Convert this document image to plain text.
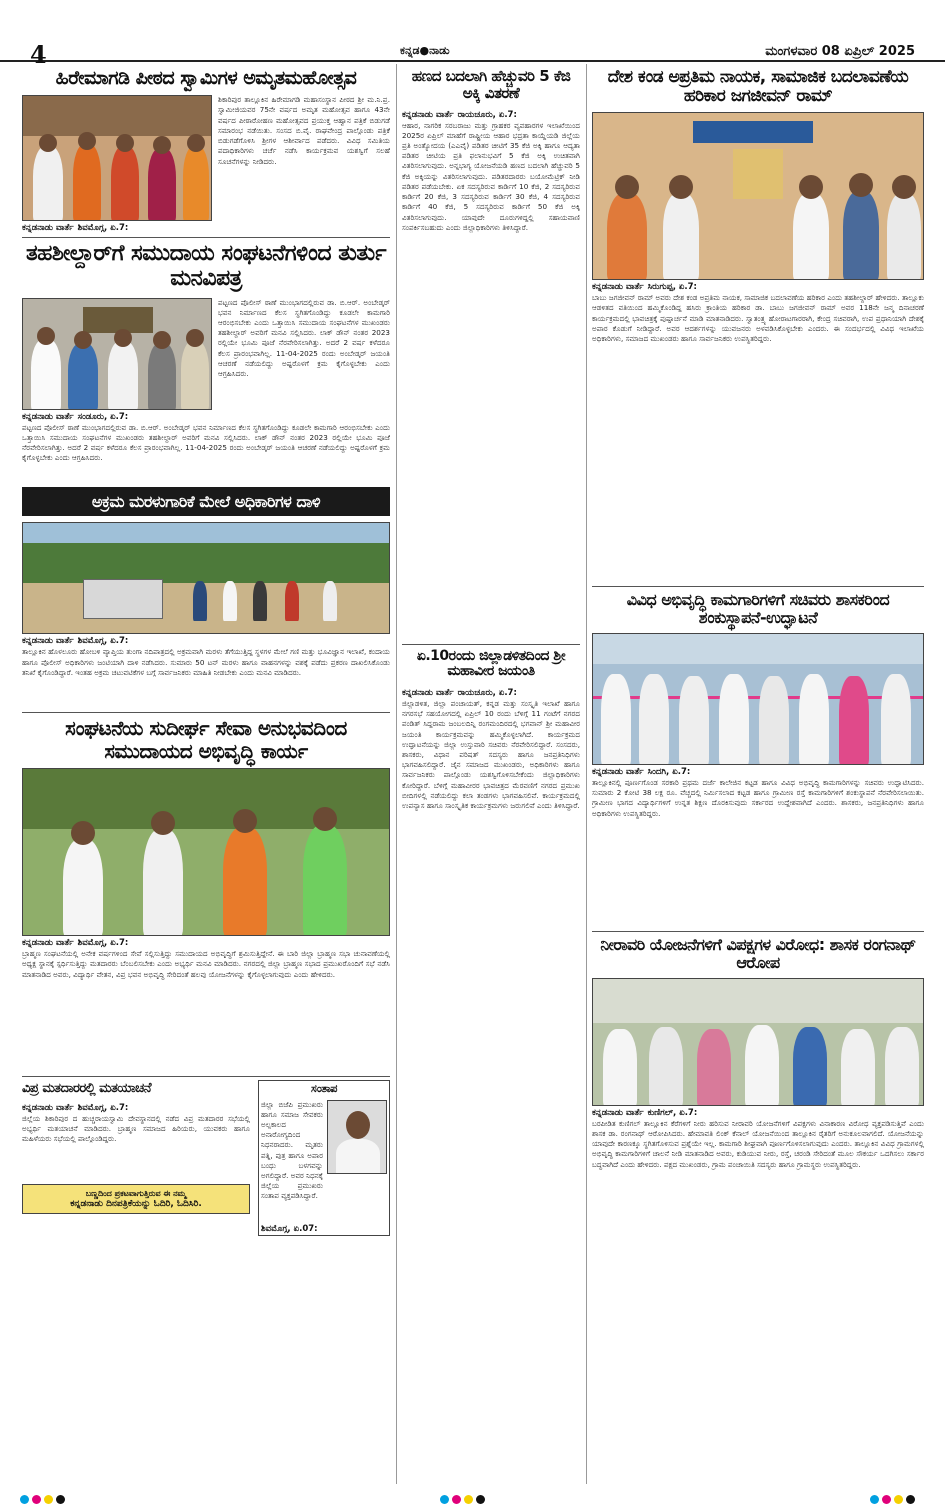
4	ಕನ್ನಡ●ನಾಡು	ಮಂಗಳವಾರ 08 ಏಪ್ರಿಲ್ 2025
ಹಿರೇಮಾಗಡಿ ಪೀಠದ ಸ್ವಾಮಿಗಳ ಅಮೃತಮಹೋತ್ಸವ
ಶಿಕಾರಿಪುರ ತಾಲ್ಲೂಕಿನ ಹಿರೇಮಾಗಡಿ ಮಹಾಸಂಸ್ಥಾನ ಪೀಠದ ಶ್ರೀ ಮ.ನಿ.ಪ್ರ. ಸ್ವಾಮೀಜಿಯವರ 75ನೇ ವರ್ಷದ ಅಮೃತ ಮಹೋತ್ಸವ ಹಾಗೂ 43ನೇ ವರ್ಷದ ಪೀಠಾರೋಹಣ ಮಹೋತ್ಸವದ ಪ್ರಯುಕ್ತ ಆಹ್ವಾನ ಪತ್ರಿಕೆ ಬಿಡುಗಡೆ ಸಮಾರಂಭ ನಡೆಯಿತು. ಸಂಸದ ಬಿ.ವೈ. ರಾಘವೇಂದ್ರ ಪಾಲ್ಗೊಂಡು ಪತ್ರಿಕೆ ಬಿಡುಗಡೆಗೊಳಿಸಿ ಶ್ರೀಗಳ ಆಶೀರ್ವಾದ ಪಡೆದರು. ವಿವಿಧ ಸಮಿತಿಯ ಪದಾಧಿಕಾರಿಗಳು ಚರ್ಚೆ ನಡೆಸಿ ಕಾರ್ಯಕ್ರಮವ ಯಶಸ್ವಿಗೆ ಸಲಹೆ ಸೂಚನೆಗಳನ್ನು ನೀಡಿದರು.
ಕನ್ನಡನಾಡು ವಾರ್ತೆ ಶಿವಮೊಗ್ಗ, ಏ.7:
ತಹಶೀಲ್ದಾರ್‌ಗೆ ಸಮುದಾಯ ಸಂಘಟನೆಗಳಿಂದ ತುರ್ತು ಮನವಿಪತ್ರ
ಪಟ್ಟಣದ ಪೊಲೀಸ್ ಠಾಣೆ ಮುಂಭಾಗದಲ್ಲಿರುವ ಡಾ. ಬಿ.ಆರ್. ಅಂಬೇಡ್ಕರ್ ಭವನ ನಿರ್ಮಾಣದ ಕೆಲಸ ಸ್ಥಗಿತಗೊಂಡಿದ್ದು ಕೂಡಲೇ ಕಾಮಗಾರಿ ಆರಂಭಿಸಬೇಕು ಎಂದು ಒತ್ತಾಯಿಸಿ ಸಮುದಾಯ ಸಂಘಟನೆಗಳ ಮುಖಂಡರು ತಹಶೀಲ್ದಾರ್ ಅವರಿಗೆ ಮನವಿ ಸಲ್ಲಿಸಿದರು. ಲಾಕ್ ಡೌನ್ ನಂತರ 2023 ರಲ್ಲಿಯೇ ಭೂಮಿ ಪೂಜೆ ನೆರವೇರಿಸಲಾಗಿತ್ತು. ಅದರೆ 2 ವರ್ಷ ಕಳೆದರೂ ಕೆಲಸ ಪ್ರಾರಂಭವಾಗಿಲ್ಲ. 11-04-2025 ರಂದು ಅಂಬೇಡ್ಕರ್ ಜಯಂತಿ ಆಚರಣೆ ನಡೆಯಲಿದ್ದು ಅಷ್ಟರೊಳಗೆ ಕ್ರಮ ಕೈಗೊಳ್ಳಬೇಕು ಎಂದು ಆಗ್ರಹಿಸಿದರು.
ಕನ್ನಡನಾಡು ವಾರ್ತೆ ಸಂಡೂರು, ಏ.7:
ಪಟ್ಟಣದ ಪೊಲೀಸ್ ಠಾಣೆ ಮುಂಭಾಗದಲ್ಲಿರುವ ಡಾ. ಬಿ.ಆರ್. ಅಂಬೇಡ್ಕರ್ ಭವನ ನಿರ್ಮಾಣದ ಕೆಲಸ ಸ್ಥಗಿತಗೊಂಡಿದ್ದು ಕೂಡಲೇ ಕಾಮಗಾರಿ ಆರಂಭಿಸಬೇಕು ಎಂದು ಒತ್ತಾಯಿಸಿ ಸಮುದಾಯ ಸಂಘಟನೆಗಳ ಮುಖಂಡರು ತಹಶೀಲ್ದಾರ್ ಅವರಿಗೆ ಮನವಿ ಸಲ್ಲಿಸಿದರು. ಲಾಕ್ ಡೌನ್ ನಂತರ 2023 ರಲ್ಲಿಯೇ ಭೂಮಿ ಪೂಜೆ ನೆರವೇರಿಸಲಾಗಿತ್ತು. ಅದರೆ 2 ವರ್ಷ ಕಳೆದರೂ ಕೆಲಸ ಪ್ರಾರಂಭವಾಗಿಲ್ಲ. 11-04-2025 ರಂದು ಅಂಬೇಡ್ಕರ್ ಜಯಂತಿ ಆಚರಣೆ ನಡೆಯಲಿದ್ದು ಅಷ್ಟರೊಳಗೆ ಕ್ರಮ ಕೈಗೊಳ್ಳಬೇಕು ಎಂದು ಆಗ್ರಹಿಸಿದರು.
ಅಕ್ರಮ ಮರಳುಗಾರಿಕೆ ಮೇಲೆ ಅಧಿಕಾರಿಗಳ ದಾಳಿ
ಕನ್ನಡನಾಡು ವಾರ್ತೆ ಶಿವಮೊಗ್ಗ, ಏ.7:
ತಾಲ್ಲೂಕಿನ ಹೊಳಲೂರು ಹೋಬಳಿ ವ್ಯಾಪ್ತಿಯ ತುಂಗಾ ನದಿಪಾತ್ರದಲ್ಲಿ ಅಕ್ರಮವಾಗಿ ಮರಳು ತೆಗೆಯುತ್ತಿದ್ದ ಸ್ಥಳಗಳ ಮೇಲೆ ಗಣಿ ಮತ್ತು ಭೂವಿಜ್ಞಾನ ಇಲಾಖೆ, ಕಂದಾಯ ಹಾಗೂ ಪೊಲೀಸ್ ಅಧಿಕಾರಿಗಳು ಜಂಟಿಯಾಗಿ ದಾಳಿ ನಡೆಸಿದರು. ಸುಮಾರು 50 ಟನ್ ಮರಳು ಹಾಗೂ ವಾಹನಗಳನ್ನು ವಶಕ್ಕೆ ಪಡೆದು ಪ್ರಕರಣ ದಾಖಲಿಸಿಕೊಂಡು ತನಿಖೆ ಕೈಗೊಂಡಿದ್ದಾರೆ. ಇಂತಹ ಅಕ್ರಮ ಚಟುವಟಿಕೆಗಳ ಬಗ್ಗೆ ಸಾರ್ವಜನಿಕರು ಮಾಹಿತಿ ನೀಡಬೇಕು ಎಂದು ಮನವಿ ಮಾಡಿದರು.
ಸಂಘಟನೆಯ ಸುದೀರ್ಘ ಸೇವಾ ಅನುಭವದಿಂದ ಸಮುದಾಯದ ಅಭಿವೃದ್ಧಿ ಕಾರ್ಯ
ಕನ್ನಡನಾಡು ವಾರ್ತೆ ಶಿವಮೊಗ್ಗ, ಏ.7:
ಬ್ರಾಹ್ಮಣ ಸಂಘಟನೆಯಲ್ಲಿ ಅನೇಕ ವರ್ಷಗಳಿಂದ ಸೇವೆ ಸಲ್ಲಿಸುತ್ತಿದ್ದು ಸಮುದಾಯದ ಅಭಿವೃದ್ಧಿಗೆ ಶ್ರಮಿಸುತ್ತಿದ್ದೇನೆ. ಈ ಬಾರಿ ಜಿಲ್ಲಾ ಬ್ರಾಹ್ಮಣ ಸಭಾ ಚುನಾವಣೆಯಲ್ಲಿ ಅಧ್ಯಕ್ಷ ಸ್ಥಾನಕ್ಕೆ ಸ್ಪರ್ಧಿಸುತ್ತಿದ್ದು ಮತದಾರರು ಬೆಂಬಲಿಸಬೇಕು ಎಂದು ಅಭ್ಯರ್ಥಿ ಮನವಿ ಮಾಡಿದರು. ನಗರದಲ್ಲಿ ಜಿಲ್ಲಾ ಬ್ರಾಹ್ಮಣ ಸಭಾದ ಪ್ರಮುಖರೊಂದಿಗೆ ಸಭೆ ನಡೆಸಿ ಮಾತನಾಡಿದ ಅವರು, ವಿದ್ಯಾರ್ಥಿ ವೇತನ, ವಿಪ್ರ ಭವನ ಅಭಿವೃದ್ಧಿ ಸೇರಿದಂತೆ ಹಲವು ಯೋಜನೆಗಳನ್ನು ಕೈಗೊಳ್ಳಲಾಗುವುದು ಎಂದು ಹೇಳಿದರು.
ವಿಪ್ರ ಮತದಾರರಲ್ಲಿ ಮತಯಾಚನೆ
ಕನ್ನಡನಾಡು ವಾರ್ತೆ ಶಿವಮೊಗ್ಗ, ಏ.7:
ಜಿಲ್ಲೆಯ ಶಿಕಾರಿಪುರ ದ ಹುಚ್ಚರಾಯಸ್ವಾಮಿ ದೇವಸ್ಥಾನದಲ್ಲಿ ನಡೆದ ವಿಪ್ರ ಮತದಾರರ ಸಭೆಯಲ್ಲಿ ಅಭ್ಯರ್ಥಿ ಮತಯಾಚನೆ ಮಾಡಿದರು. ಬ್ರಾಹ್ಮಣ ಸಮಾಜದ ಹಿರಿಯರು, ಯುವಕರು ಹಾಗೂ ಮಹಿಳೆಯರು ಸಭೆಯಲ್ಲಿ ಪಾಲ್ಗೊಂಡಿದ್ದರು.
ಬಣ್ಣದಿಂದ ಪ್ರಕಟವಾಗುತ್ತಿರುವ ಈ ನಮ್ಮ
ಕನ್ನಡನಾಡು ದಿನಪತ್ರಿಕೆಯನ್ನು ಓದಿರಿ, ಓದಿಸಿರಿ.
ಸಂತಾಪ
ಜಿಲ್ಲಾ ಬಿಜೆಪಿ ಪ್ರಮುಖರು ಹಾಗೂ ಸಮಾಜ ಸೇವಕರು ಅಲ್ಪಕಾಲದ ಅನಾರೋಗ್ಯದಿಂದ ನಿಧನರಾದರು. ಮೃತರು ಪತ್ನಿ, ಪುತ್ರ ಹಾಗೂ ಅಪಾರ ಬಂಧು ಬಳಗವನ್ನು ಅಗಲಿದ್ದಾರೆ. ಅವರ ನಿಧನಕ್ಕೆ ಜಿಲ್ಲೆಯ ಪ್ರಮುಖರು ಸಂತಾಪ ವ್ಯಕ್ತಪಡಿಸಿದ್ದಾರೆ.
ಶಿವಮೊಗ್ಗ, ಏ.07:
ಹಣದ ಬದಲಾಗಿ ಹೆಚ್ಚುವರಿ 5 ಕೆಜಿ ಅಕ್ಕಿ ವಿತರಣೆ
ಕನ್ನಡನಾಡು ವಾರ್ತೆ ರಾಯಚೂರು, ಏ.7:
ಆಹಾರ, ನಾಗರಿಕ ಸರಬರಾಜು ಮತ್ತು ಗ್ರಾಹಕರ ವ್ಯವಹಾರಗಳ ಇಲಾಖೆಯಿಂದ 2025ರ ಏಪ್ರಿಲ್ ಮಾಹೆಗೆ ರಾಷ್ಟ್ರೀಯ ಆಹಾರ ಭದ್ರತಾ ಕಾಯ್ದೆಯಡಿ ಜಿಲ್ಲೆಯ ಪ್ರತಿ ಅಂತ್ಯೋದಯ (ಎಎವೈ) ಪಡಿತರ ಚೀಟಿಗೆ 35 ಕೆಜಿ ಅಕ್ಕಿ ಹಾಗೂ ಆದ್ಯತಾ ಪಡಿತರ ಚೀಟಿಯ ಪ್ರತಿ ಫಲಾನುಭವಿಗೆ 5 ಕೆಜಿ ಅಕ್ಕಿ ಉಚಿತವಾಗಿ ವಿತರಿಸಲಾಗುವುದು. ಅನ್ನಭಾಗ್ಯ ಯೋಜನೆಯಡಿ ಹಣದ ಬದಲಾಗಿ ಹೆಚ್ಚುವರಿ 5 ಕೆಜಿ ಅಕ್ಕಿಯನ್ನು ವಿತರಿಸಲಾಗುವುದು. ಪಡಿತರದಾರರು ಬಯೋಮೆಟ್ರಿಕ್ ನೀಡಿ ಪಡಿತರ ಪಡೆಯಬೇಕು. ಏಕ ಸದಸ್ಯರಿರುವ ಕಾರ್ಡಿಗೆ 10 ಕೆಜಿ, 2 ಸದಸ್ಯರಿರುವ ಕಾರ್ಡಿಗೆ 20 ಕೆಜಿ, 3 ಸದಸ್ಯರಿರುವ ಕಾರ್ಡಿಗೆ 30 ಕೆಜಿ, 4 ಸದಸ್ಯರಿರುವ ಕಾರ್ಡಿಗೆ 40 ಕೆಜಿ, 5 ಸದಸ್ಯರಿರುವ ಕಾರ್ಡಿಗೆ 50 ಕೆಜಿ ಅಕ್ಕಿ ವಿತರಿಸಲಾಗುವುದು. ಯಾವುದೇ ದೂರುಗಳಿದ್ದಲ್ಲಿ ಸಹಾಯವಾಣಿ ಸಂಪರ್ಕಿಸಬಹುದು ಎಂದು ಜಿಲ್ಲಾಧಿಕಾರಿಗಳು ತಿಳಿಸಿದ್ದಾರೆ.
ಏ.10ರಂದು ಜಿಲ್ಲಾಡಳಿತದಿಂದ ಶ್ರೀ ಮಹಾವೀರ ಜಯಂತಿ
ಕನ್ನಡನಾಡು ವಾರ್ತೆ ರಾಯಚೂರು, ಏ.7:
ಜಿಲ್ಲಾಡಳಿತ, ಜಿಲ್ಲಾ ಪಂಚಾಯತ್, ಕನ್ನಡ ಮತ್ತು ಸಂಸ್ಕೃತಿ ಇಲಾಖೆ ಹಾಗೂ ನಗರಸಭೆ ಸಹಯೋಗದಲ್ಲಿ ಏಪ್ರಿಲ್ 10 ರಂದು ಬೆಳಿಗ್ಗೆ 11 ಗಂಟೆಗೆ ನಗರದ ಪಂಡಿತ್ ಸಿದ್ದರಾಮ ಜಂಬಲದಿನ್ನಿ ರಂಗಮಂದಿರದಲ್ಲಿ ಭಗವಾನ್ ಶ್ರೀ ಮಹಾವೀರ ಜಯಂತಿ ಕಾರ್ಯಕ್ರಮವನ್ನು ಹಮ್ಮಿಕೊಳ್ಳಲಾಗಿದೆ. ಕಾರ್ಯಕ್ರಮದ ಉದ್ಘಾಟನೆಯನ್ನು ಜಿಲ್ಲಾ ಉಸ್ತುವಾರಿ ಸಚಿವರು ನೆರವೇರಿಸಲಿದ್ದಾರೆ. ಸಂಸದರು, ಶಾಸಕರು, ವಿಧಾನ ಪರಿಷತ್ ಸದಸ್ಯರು ಹಾಗೂ ಜನಪ್ರತಿನಿಧಿಗಳು ಭಾಗವಹಿಸಲಿದ್ದಾರೆ. ಜೈನ ಸಮಾಜದ ಮುಖಂಡರು, ಅಧಿಕಾರಿಗಳು ಹಾಗೂ ಸಾರ್ವಜನಿಕರು ಪಾಲ್ಗೊಂಡು ಯಶಸ್ವಿಗೊಳಿಸಬೇಕೆಂದು ಜಿಲ್ಲಾಧಿಕಾರಿಗಳು ಕೋರಿದ್ದಾರೆ. ಬೆಳಿಗ್ಗೆ ಮಹಾವೀರರ ಭಾವಚಿತ್ರದ ಮೆರವಣಿಗೆ ನಗರದ ಪ್ರಮುಖ ಬೀದಿಗಳಲ್ಲಿ ನಡೆಯಲಿದ್ದು ಕಲಾ ತಂಡಗಳು ಭಾಗವಹಿಸಲಿವೆ. ಕಾರ್ಯಕ್ರಮದಲ್ಲಿ ಉಪನ್ಯಾಸ ಹಾಗೂ ಸಾಂಸ್ಕೃತಿಕ ಕಾರ್ಯಕ್ರಮಗಳು ಜರುಗಲಿವೆ ಎಂದು ತಿಳಿಸಿದ್ದಾರೆ.
ದೇಶ ಕಂಡ ಅಪ್ರತಿಮ ನಾಯಕ, ಸಾಮಾಜಿಕ ಬದಲಾವಣೆಯ ಹರಿಕಾರ ಜಗಜೀವನ್ ರಾಮ್
ಕನ್ನಡನಾಡು ವಾರ್ತೆ ಸಿರುಗುಪ್ಪ, ಏ.7:
ಬಾಬು ಜಗಜೀವನ್ ರಾಮ್ ಅವರು ದೇಶ ಕಂಡ ಅಪ್ರತಿಮ ನಾಯಕ, ಸಾಮಾಜಿಕ ಬದಲಾವಣೆಯ ಹರಿಕಾರ ಎಂದು ತಹಶೀಲ್ದಾರ್ ಹೇಳಿದರು. ತಾಲ್ಲೂಕು ಆಡಳಿತದ ವತಿಯಿಂದ ಹಮ್ಮಿಕೊಂಡಿದ್ದ ಹಸಿರು ಕ್ರಾಂತಿಯ ಹರಿಕಾರ ಡಾ. ಬಾಬು ಜಗಜೀವನ್ ರಾಮ್ ಅವರ 118ನೇ ಜನ್ಮ ದಿನಾಚರಣೆ ಕಾರ್ಯಕ್ರಮದಲ್ಲಿ ಭಾವಚಿತ್ರಕ್ಕೆ ಪುಷ್ಪಾರ್ಚನೆ ಮಾಡಿ ಮಾತನಾಡಿದರು. ಸ್ವಾತಂತ್ರ್ಯ ಹೋರಾಟಗಾರರಾಗಿ, ಕೇಂದ್ರ ಸಚಿವರಾಗಿ, ಉಪ ಪ್ರಧಾನಿಯಾಗಿ ದೇಶಕ್ಕೆ ಅಪಾರ ಕೊಡುಗೆ ನೀಡಿದ್ದಾರೆ. ಅವರ ಆದರ್ಶಗಳನ್ನು ಯುವಜನರು ಅಳವಡಿಸಿಕೊಳ್ಳಬೇಕು ಎಂದರು. ಈ ಸಂದರ್ಭದಲ್ಲಿ ವಿವಿಧ ಇಲಾಖೆಯ ಅಧಿಕಾರಿಗಳು, ಸಮಾಜದ ಮುಖಂಡರು ಹಾಗೂ ಸಾರ್ವಜನಿಕರು ಉಪಸ್ಥಿತರಿದ್ದರು.
ವಿವಿಧ ಅಭಿವೃದ್ಧಿ ಕಾಮಗಾರಿಗಳಿಗೆ ಸಚಿವರು ಶಾಸಕರಿಂದ ಶಂಕುಸ್ಥಾಪನೆ-ಉದ್ಘಾಟನೆ
ಕನ್ನಡನಾಡು ವಾರ್ತೆ ಸಿಂದಗಿ, ಏ.7:
ತಾಲ್ಲೂಕಿನಲ್ಲಿ ಪೂರ್ಣಗೊಂಡ ಸರಕಾರಿ ಪ್ರಥಮ ದರ್ಜೆ ಕಾಲೇಜಿನ ಕಟ್ಟಡ ಹಾಗೂ ವಿವಿಧ ಅಭಿವೃದ್ಧಿ ಕಾಮಗಾರಿಗಳನ್ನು ಸಚಿವರು ಉದ್ಘಾಟಿಸಿದರು. ಸುಮಾರು 2 ಕೋಟಿ 38 ಲಕ್ಷ ರೂ. ವೆಚ್ಚದಲ್ಲಿ ನಿರ್ಮಿಸಲಾದ ಕಟ್ಟಡ ಹಾಗೂ ಗ್ರಾಮೀಣ ರಸ್ತೆ ಕಾಮಗಾರಿಗಳಿಗೆ ಶಂಕುಸ್ಥಾಪನೆ ನೆರವೇರಿಸಲಾಯಿತು. ಗ್ರಾಮೀಣ ಭಾಗದ ವಿದ್ಯಾರ್ಥಿಗಳಿಗೆ ಉನ್ನತ ಶಿಕ್ಷಣ ದೊರಕಿಸುವುದು ಸರ್ಕಾರದ ಉದ್ದೇಶವಾಗಿದೆ ಎಂದರು. ಶಾಸಕರು, ಜನಪ್ರತಿನಿಧಿಗಳು ಹಾಗೂ ಅಧಿಕಾರಿಗಳು ಉಪಸ್ಥಿತರಿದ್ದರು.
ನೀರಾವರಿ ಯೋಜನೆಗಳಿಗೆ ವಿಪಕ್ಷಗಳ ವಿರೋಧ: ಶಾಸಕ ರಂಗನಾಥ್ ಆರೋಪ
ಕನ್ನಡನಾಡು ವಾರ್ತೆ ಕುಣಿಗಲ್, ಏ.7:
ಬರಪೀಡಿತ ಕುಣಿಗಲ್ ತಾಲ್ಲೂಕಿನ ಕೆರೆಗಳಿಗೆ ನೀರು ಹರಿಸುವ ನೀರಾವರಿ ಯೋಜನೆಗಳಿಗೆ ವಿಪಕ್ಷಗಳು ವಿನಾಕಾರಣ ವಿರೋಧ ವ್ಯಕ್ತಪಡಿಸುತ್ತಿವೆ ಎಂದು ಶಾಸಕ ಡಾ. ರಂಗನಾಥ್ ಆರೋಪಿಸಿದರು. ಹೇಮಾವತಿ ಲಿಂಕ್ ಕೆನಾಲ್ ಯೋಜನೆಯಿಂದ ತಾಲ್ಲೂಕಿನ ರೈತರಿಗೆ ಅನುಕೂಲವಾಗಲಿದೆ. ಯೋಜನೆಯನ್ನು ಯಾವುದೇ ಕಾರಣಕ್ಕೂ ಸ್ಥಗಿತಗೊಳಿಸುವ ಪ್ರಶ್ನೆಯೇ ಇಲ್ಲ. ಕಾಮಗಾರಿ ಶೀಘ್ರವಾಗಿ ಪೂರ್ಣಗೊಳಿಸಲಾಗುವುದು ಎಂದರು. ತಾಲ್ಲೂಕಿನ ವಿವಿಧ ಗ್ರಾಮಗಳಲ್ಲಿ ಅಭಿವೃದ್ಧಿ ಕಾಮಗಾರಿಗಳಿಗೆ ಚಾಲನೆ ನೀಡಿ ಮಾತನಾಡಿದ ಅವರು, ಕುಡಿಯುವ ನೀರು, ರಸ್ತೆ, ಚರಂಡಿ ಸೇರಿದಂತೆ ಮೂಲ ಸೌಕರ್ಯ ಒದಗಿಸಲು ಸರ್ಕಾರ ಬದ್ಧವಾಗಿದೆ ಎಂದು ಹೇಳಿದರು. ಪಕ್ಷದ ಮುಖಂಡರು, ಗ್ರಾಮ ಪಂಚಾಯಿತಿ ಸದಸ್ಯರು ಹಾಗೂ ಗ್ರಾಮಸ್ಥರು ಉಪಸ್ಥಿತರಿದ್ದರು.
